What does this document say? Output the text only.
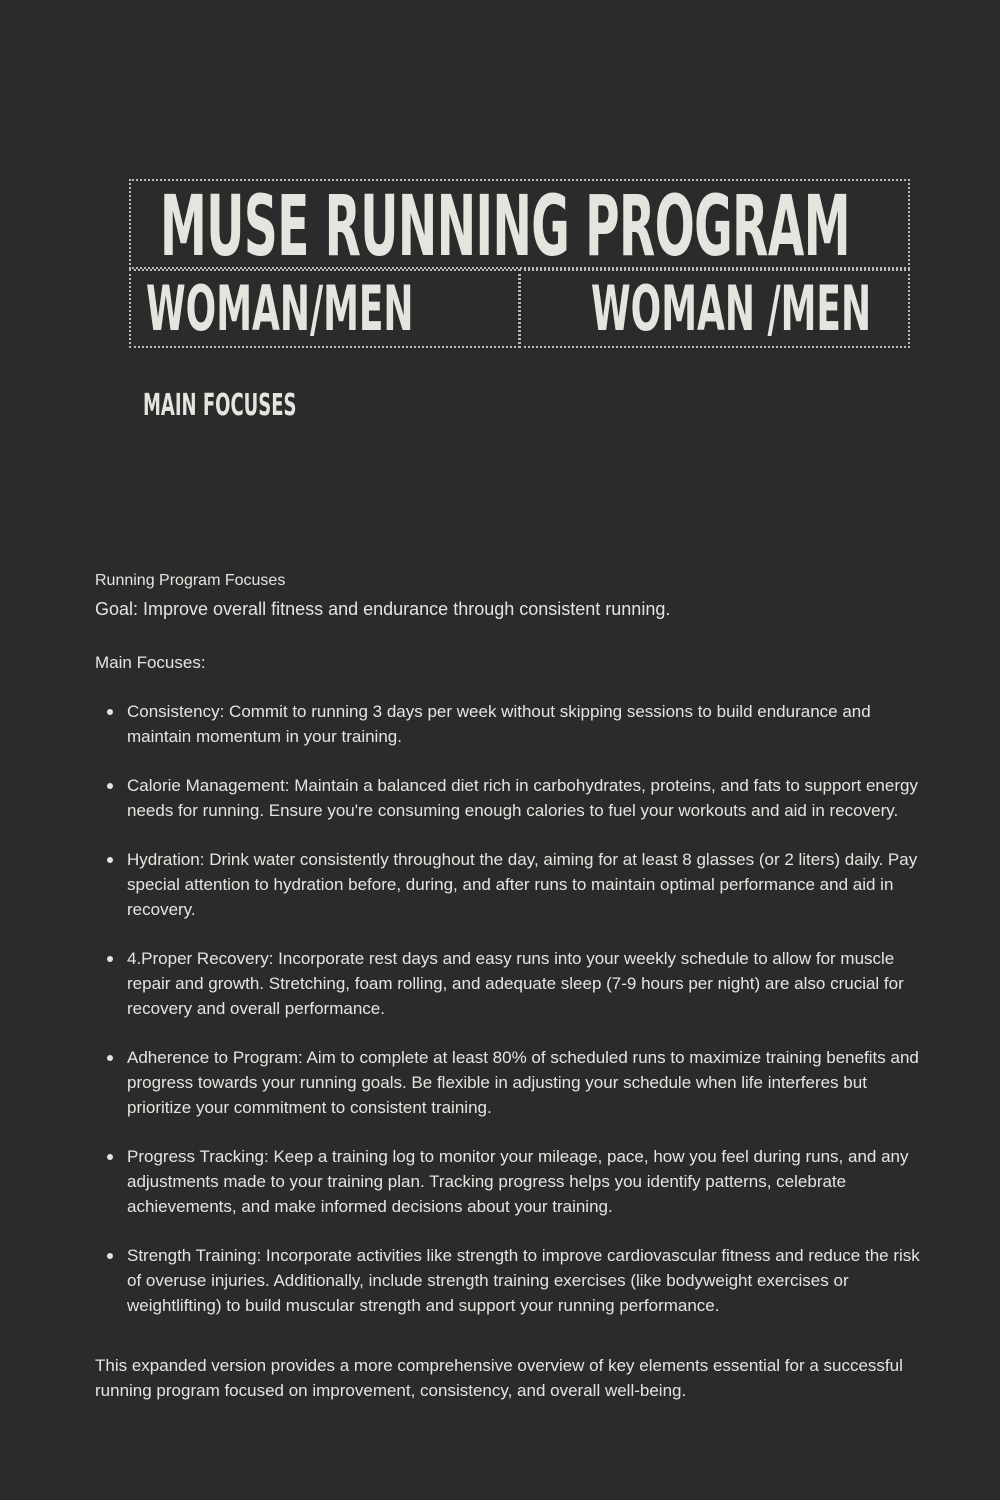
MUSE RUNNING PROGRAM
WOMAN/MEN	WOMAN /MEN
MAIN FOCUSES

Running Program Focuses

Goal: Improve overall fitness and endurance through consistent running.

Main Focuses:

Consistency: Commit to running 3 days per week without skipping sessions to build endurance and maintain momentum in your training.
Calorie Management: Maintain a balanced diet rich in carbohydrates, proteins, and fats to support energy needs for running. Ensure you're consuming enough calories to fuel your workouts and aid in recovery.
Hydration: Drink water consistently throughout the day, aiming for at least 8 glasses (or 2 liters) daily. Pay special attention to hydration before, during, and after runs to maintain optimal performance and aid in recovery.
4.Proper Recovery: Incorporate rest days and easy runs into your weekly schedule to allow for muscle repair and growth. Stretching, foam rolling, and adequate sleep (7-9 hours per night) are also crucial for recovery and overall performance.
Adherence to Program: Aim to complete at least 80% of scheduled runs to maximize training benefits and progress towards your running goals. Be flexible in adjusting your schedule when life interferes but prioritize your commitment to consistent training.
Progress Tracking: Keep a training log to monitor your mileage, pace, how you feel during runs, and any adjustments made to your training plan. Tracking progress helps you identify patterns, celebrate achievements, and make informed decisions about your training.
Strength Training: Incorporate activities like strength to improve cardiovascular fitness and reduce the risk of overuse injuries. Additionally, include strength training exercises (like bodyweight exercises or weightlifting) to build muscular strength and support your running performance.

This expanded version provides a more comprehensive overview of key elements essential for a successful running program focused on improvement, consistency, and overall well-being.
